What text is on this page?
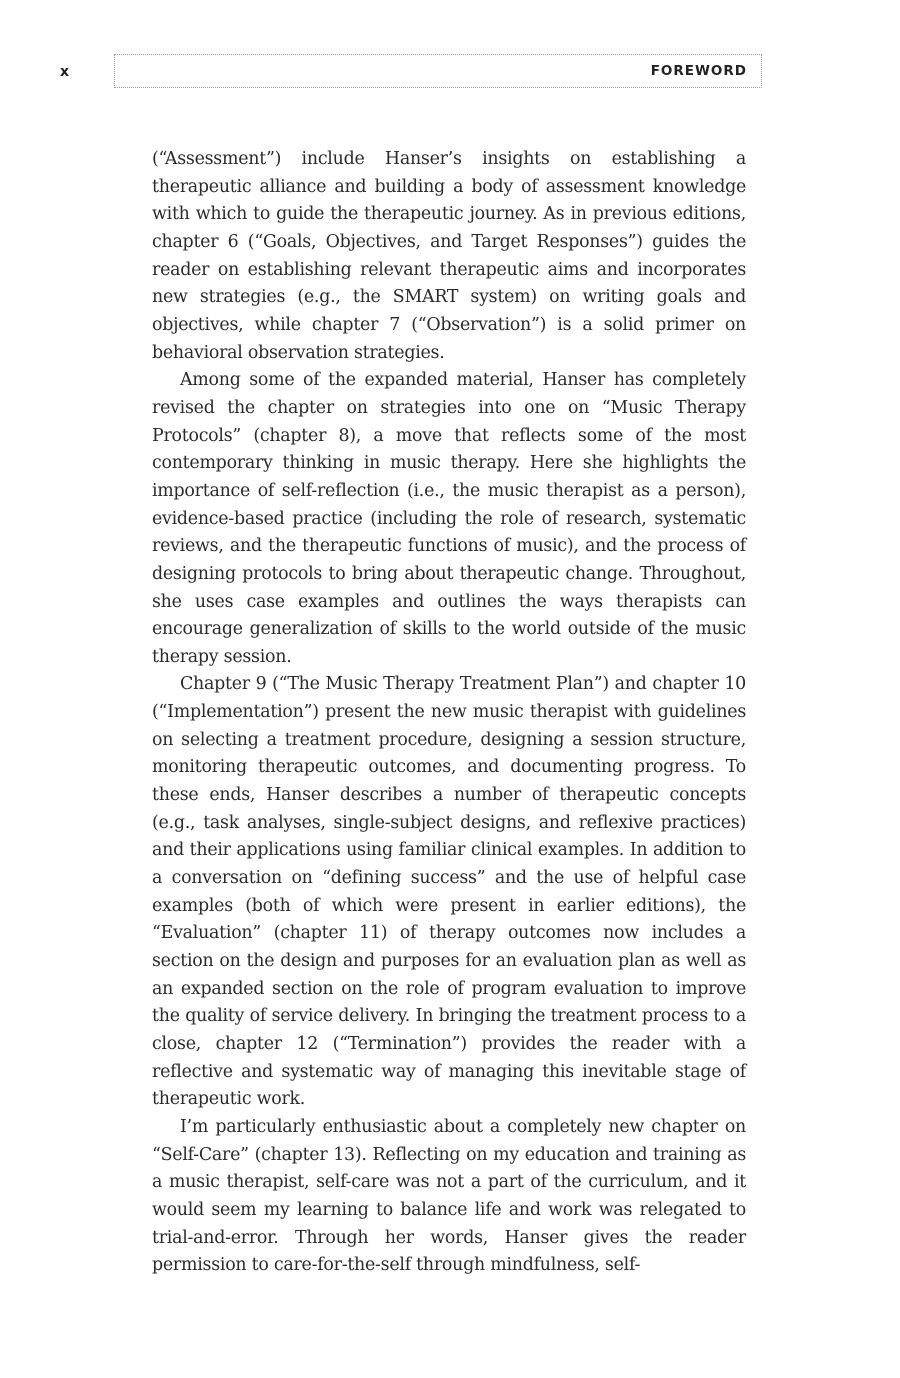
x	FOREWORD

(“Assessment”) include Hanser’s insights on establishing a therapeutic alliance and building a body of assessment knowledge with which to guide the therapeutic journey. As in previous editions, chapter 6 (“Goals, Objectives, and Target Responses”) guides the reader on establishing relevant therapeutic aims and incorporates new strategies (e.g., the SMART system) on writing goals and objectives, while chapter 7 (“Observation”) is a solid primer on behavioral observation strategies.

Among some of the expanded material, Hanser has completely revised the chapter on strategies into one on “Music Therapy Protocols” (chapter 8), a move that reflects some of the most contemporary thinking in music therapy. Here she highlights the importance of self-reflection (i.e., the music therapist as a person), evidence-based practice (including the role of research, systematic reviews, and the therapeutic functions of music), and the process of designing protocols to bring about therapeutic change. Throughout, she uses case examples and outlines the ways therapists can encourage generalization of skills to the world outside of the music therapy session.

Chapter 9 (“The Music Therapy Treatment Plan”) and chapter 10 (“Implementation”) present the new music therapist with guidelines on selecting a treatment procedure, designing a session structure, monitoring therapeutic outcomes, and documenting progress. To these ends, Hanser describes a number of therapeutic concepts (e.g., task analyses, single-subject designs, and reflexive practices) and their applications using familiar clinical examples. In addition to a conversation on “defining success” and the use of helpful case examples (both of which were present in earlier editions), the “Evaluation” (chapter 11) of therapy outcomes now includes a section on the design and purposes for an evaluation plan as well as an expanded section on the role of program evaluation to improve the quality of service delivery. In bringing the treatment process to a close, chapter 12 (“Termination”) provides the reader with a reflective and systematic way of managing this inevitable stage of therapeutic work.

I’m particularly enthusiastic about a completely new chapter on “Self-Care” (chapter 13). Reflecting on my education and training as a music therapist, self-care was not a part of the curriculum, and it would seem my learning to balance life and work was relegated to trial-and-error. Through her words, Hanser gives the reader permission to care-for-the-self through mindfulness, self-
